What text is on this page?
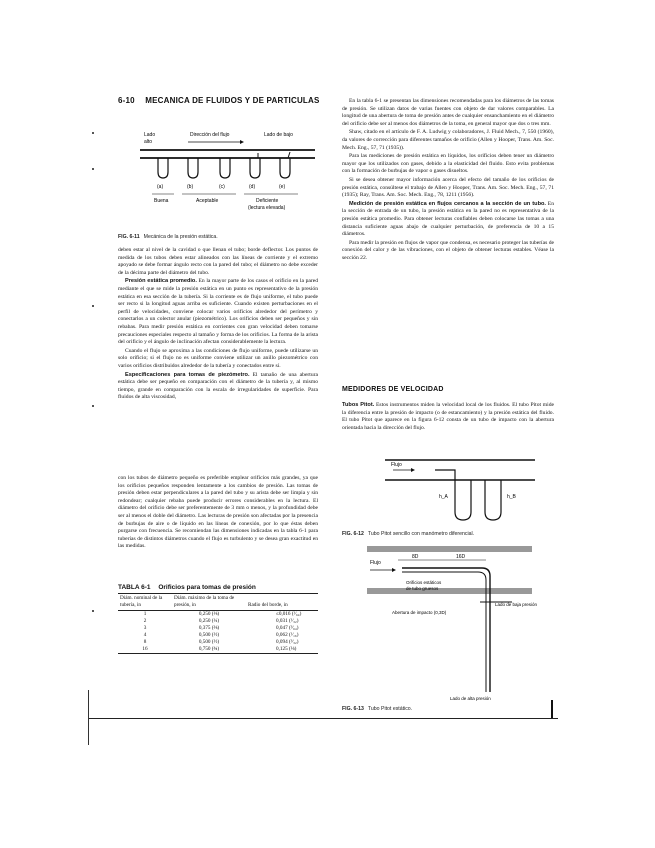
6-10 MECANICA DE FLUIDOS Y DE PARTICULAS
Lado
alto
Dirección del flujo	Lado de bajo
(a)	(b)	(c)	(d)	(e)
Buena	Aceptable	Deficiente
(lectura elevada)
FIG. 6-11 Mecánica de la presión estática.

deben estar al nivel de la cavidad o que llenan el tubo; borde deflector. Los puntos de medida de los tubos deben estar alineados con las líneas de corriente y el extremo apoyado se debe formar ángulo recto con la pared del tubo; el diámetro no debe exceder de la décima parte del diámetro del tubo.

Presión estática promedio. En la mayor parte de los casos el orificio en la pared mediante el que se mide la presión estática en un punto es representativo de la presión estática en esa sección de la tubería. Si la corriente es de flujo uniforme, el tubo puede ser recto si la longitud aguas arriba es suficiente. Cuando existen perturbaciones en el perfil de velocidades, conviene colocar varios orificios alrededor del perímetro y conectarlos a un colector anular (piezométrico). Los orificios deben ser pequeños y sin rebabas. Para medir presión estática en corrientes con gran velocidad deben tomarse precauciones especiales respecto al tamaño y forma de los orificios. La forma de la arista del orificio y el ángulo de inclinación afectan considerablemente la lectura.

Cuando el flujo se aproxima a las condiciones de flujo uniforme, puede utilizarse un solo orificio; si el flujo no es uniforme conviene utilizar un anillo piezométrico con varios orificios distribuidos alrededor de la tubería y conectados entre sí.

Especificaciones para tomas de piezómetro. El tamaño de una abertura estática debe ser pequeño en comparación con el diámetro de la tubería y, al mismo tiempo, grande en comparación con la escala de irregularidades de superficie. Para fluidos de alta viscosidad,

con los tubos de diámetro pequeño es preferible emplear orificios más grandes, ya que los orificios pequeños responden lentamente a los cambios de presión. Las tomas de presión deben estar perpendiculares a la pared del tubo y su arista debe ser limpia y sin redondear; cualquier rebaba puede producir errores considerables en la lectura. El diámetro del orificio debe ser preferentemente de 3 mm o menos, y la profundidad debe ser al menos el doble del diámetro. Las lecturas de presión son afectadas por la presencia de burbujas de aire o de líquido en las líneas de conexión, por lo que éstas deben purgarse con frecuencia. Se recomiendan las dimensiones indicadas en la tabla 6-1 para tuberías de distintos diámetros cuando el flujo es turbulento y se desea gran exactitud en las medidas.

TABLA 6-1 Orificios para tomas de presión
Diám. nominal de la tubería, in	Diám. máximo de la toma de presión, in	Radio del borde, in
1	0,250 (⅛)	≤0,016 (¹⁄₆₄)
2	0,250 (¼)	0,031 (¹⁄₃₂)
3	0,375 (⅜)	0,047 (³⁄₆₄)
4	0,500 (½)	0,062 (¹⁄₁₆)
8	0,500 (½)	0,094 (³⁄₃₂)
16	0,750 (¾)	0,125 (⅛)

En la tabla 6-1 se presentan las dimensiones recomendadas para los diámetros de las tomas de presión. Se utilizan datos de varias fuentes con objeto de dar valores comparables. La longitud de una abertura de toma de presión antes de cualquier ensanchamiento en el diámetro del orificio debe ser al menos dos diámetros de la toma, en general mayor que dos o tres mm.

Shaw, citado en el artículo de F. A. Ludwig y colaboradores, J. Fluid Mech., 7, 550 (1960), da valores de corrección para diferentes tamaños de orificio (Allen y Hooper, Trans. Am. Soc. Mech. Eng., 57, 71 (1935)).

Para las mediciones de presión estática en líquidos, los orificios deben tener un diámetro mayor que los utilizados con gases, debido a la elasticidad del fluido. Esto evita problemas con la formación de burbujas de vapor o gases disueltos.

Si se desea obtener mayor información acerca del efecto del tamaño de los orificios de presión estática, consúltese el trabajo de Allen y Hooper, Trans. Am. Soc. Mech. Eng., 57, 71 (1935); Ray, Trans. Am. Soc. Mech. Eng., 78, 1211 (1956).

Medición de presión estática en flujos cercanos a la sección de un tubo. En la sección de entrada de un tubo, la presión estática en la pared no es representativa de la presión estática promedio. Para obtener lecturas confiables deben colocarse las tomas a una distancia suficiente aguas abajo de cualquier perturbación, de preferencia de 10 a 15 diámetros.

Para medir la presión en flujos de vapor que condensa, es necesario proteger las tuberías de conexión del calor y de las vibraciones, con el objeto de obtener lecturas estables. Véase la sección 22.

MEDIDORES DE VELOCIDAD

Tubos Pitot. Estos instrumentos miden la velocidad local de los fluidos. El tubo Pitot mide la diferencia entre la presión de impacto (o de estancamiento) y la presión estática del fluido. El tubo Pitot que aparece en la figura 6-12 consta de un tubo de impacto con la abertura orientada hacia la dirección del flujo.

Flujo
h_A	h_B
FIG. 6-12 Tubo Pitot sencillo con manómetro diferencial.
Flujo
8D	16D
Orificios estáticos
de tubo gruesos
Abertura de impacto (0,3D)
Lado de baja presión
Lado de alta presión
FIG. 6-13 Tubo Pitot estático.
